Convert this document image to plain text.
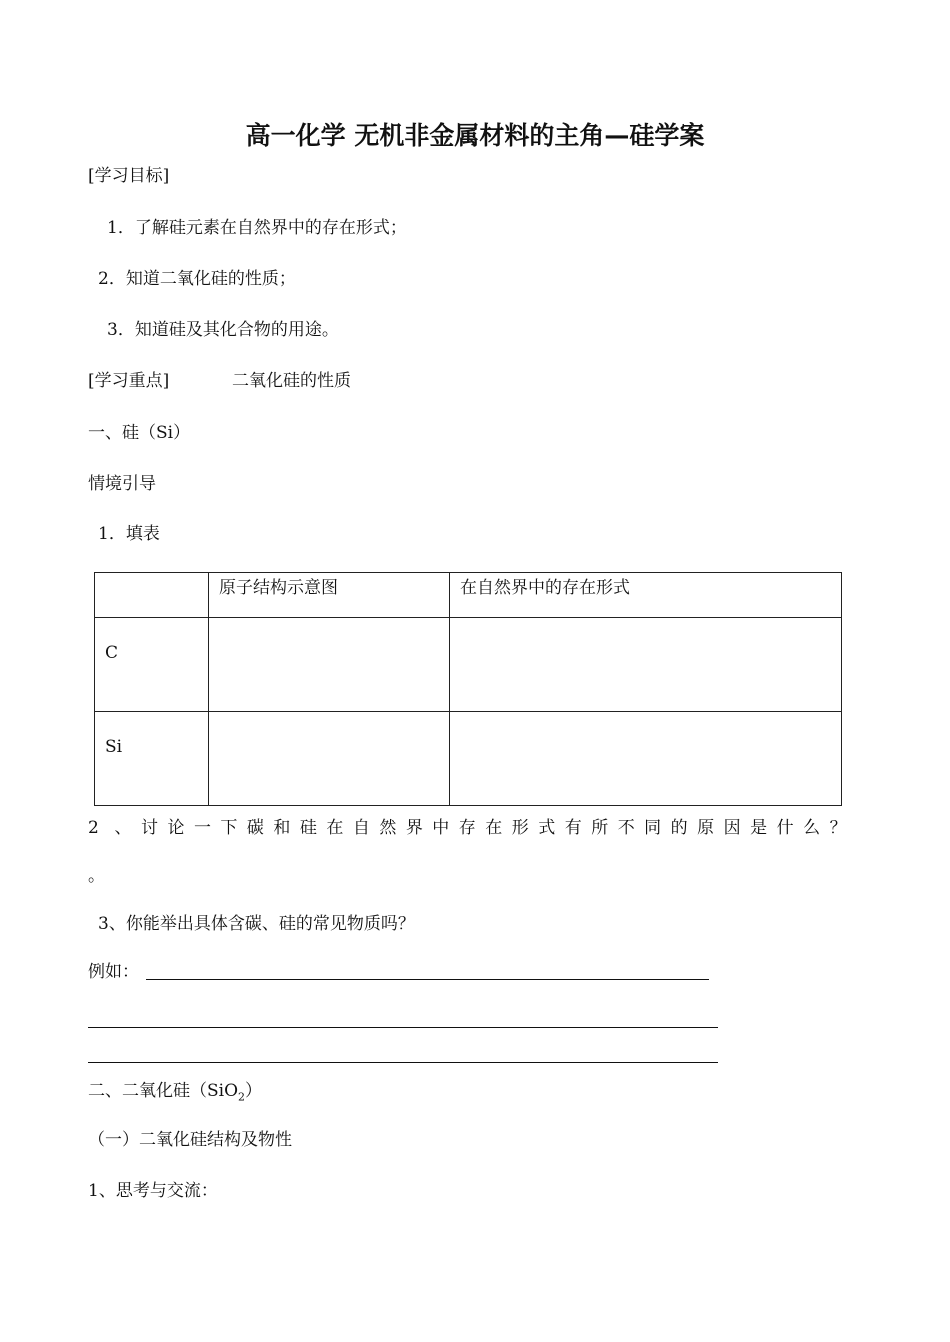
高一化学 无机非金属材料的主角—硅学案
[学习目标]
1．了解硅元素在自然界中的存在形式；
2．知道二氧化硅的性质；
3．知道硅及其化合物的用途。
[学习重点]	二氧化硅的性质
一、硅（Si）
情境引导
1．填表
	原子结构示意图	在自然界中的存在形式
C		
Si		
2 、 讨 论 一 下 碳 和 硅 在 自 然 界 中 存 在 形 式 有 所 不 同 的 原 因 是 什 么 ？
。
3、你能举出具体含碳、硅的常见物质吗？
例如：
二、二氧化硅（SiO$_2$）
（一）二氧化硅结构及物性
1、思考与交流：
